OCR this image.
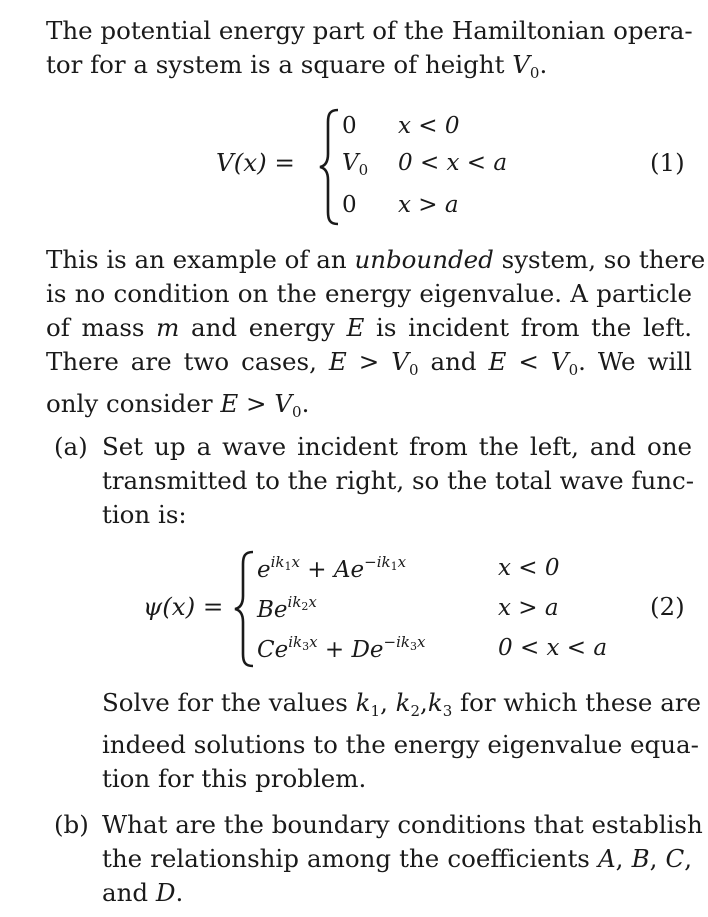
The potential energy part of the Hamiltonian opera-
tor for a system is a square of height $V_0$.
V(x) =
0 x < 0
$V_0$ 0 < x < a
0 x > a
(1)
This is an example of an unbounded system, so there
is no condition on the energy eigenvalue. A particle
of mass m and energy E is incident from the left.
There are two cases, $E > V_0$ and $E < V_0$. We will
only consider $E > V_0$.
(a) Set up a wave incident from the left, and one
transmitted to the right, so the total wave func-
tion is:
ψ(x) =
$e^{ik_1x} + Ae^{-ik_1x}$	x < 0
$Be^{ik_2x}$	x > a
$Ce^{ik_3x} + De^{-ik_3x}$	0 < x < a
(2)
Solve for the values $k_1$, $k_2,k_3$ for which these are
indeed solutions to the energy eigenvalue equa-
tion for this problem.
(b) What are the boundary conditions that establish
the relationship among the coefficients A, B, C,
and D.
